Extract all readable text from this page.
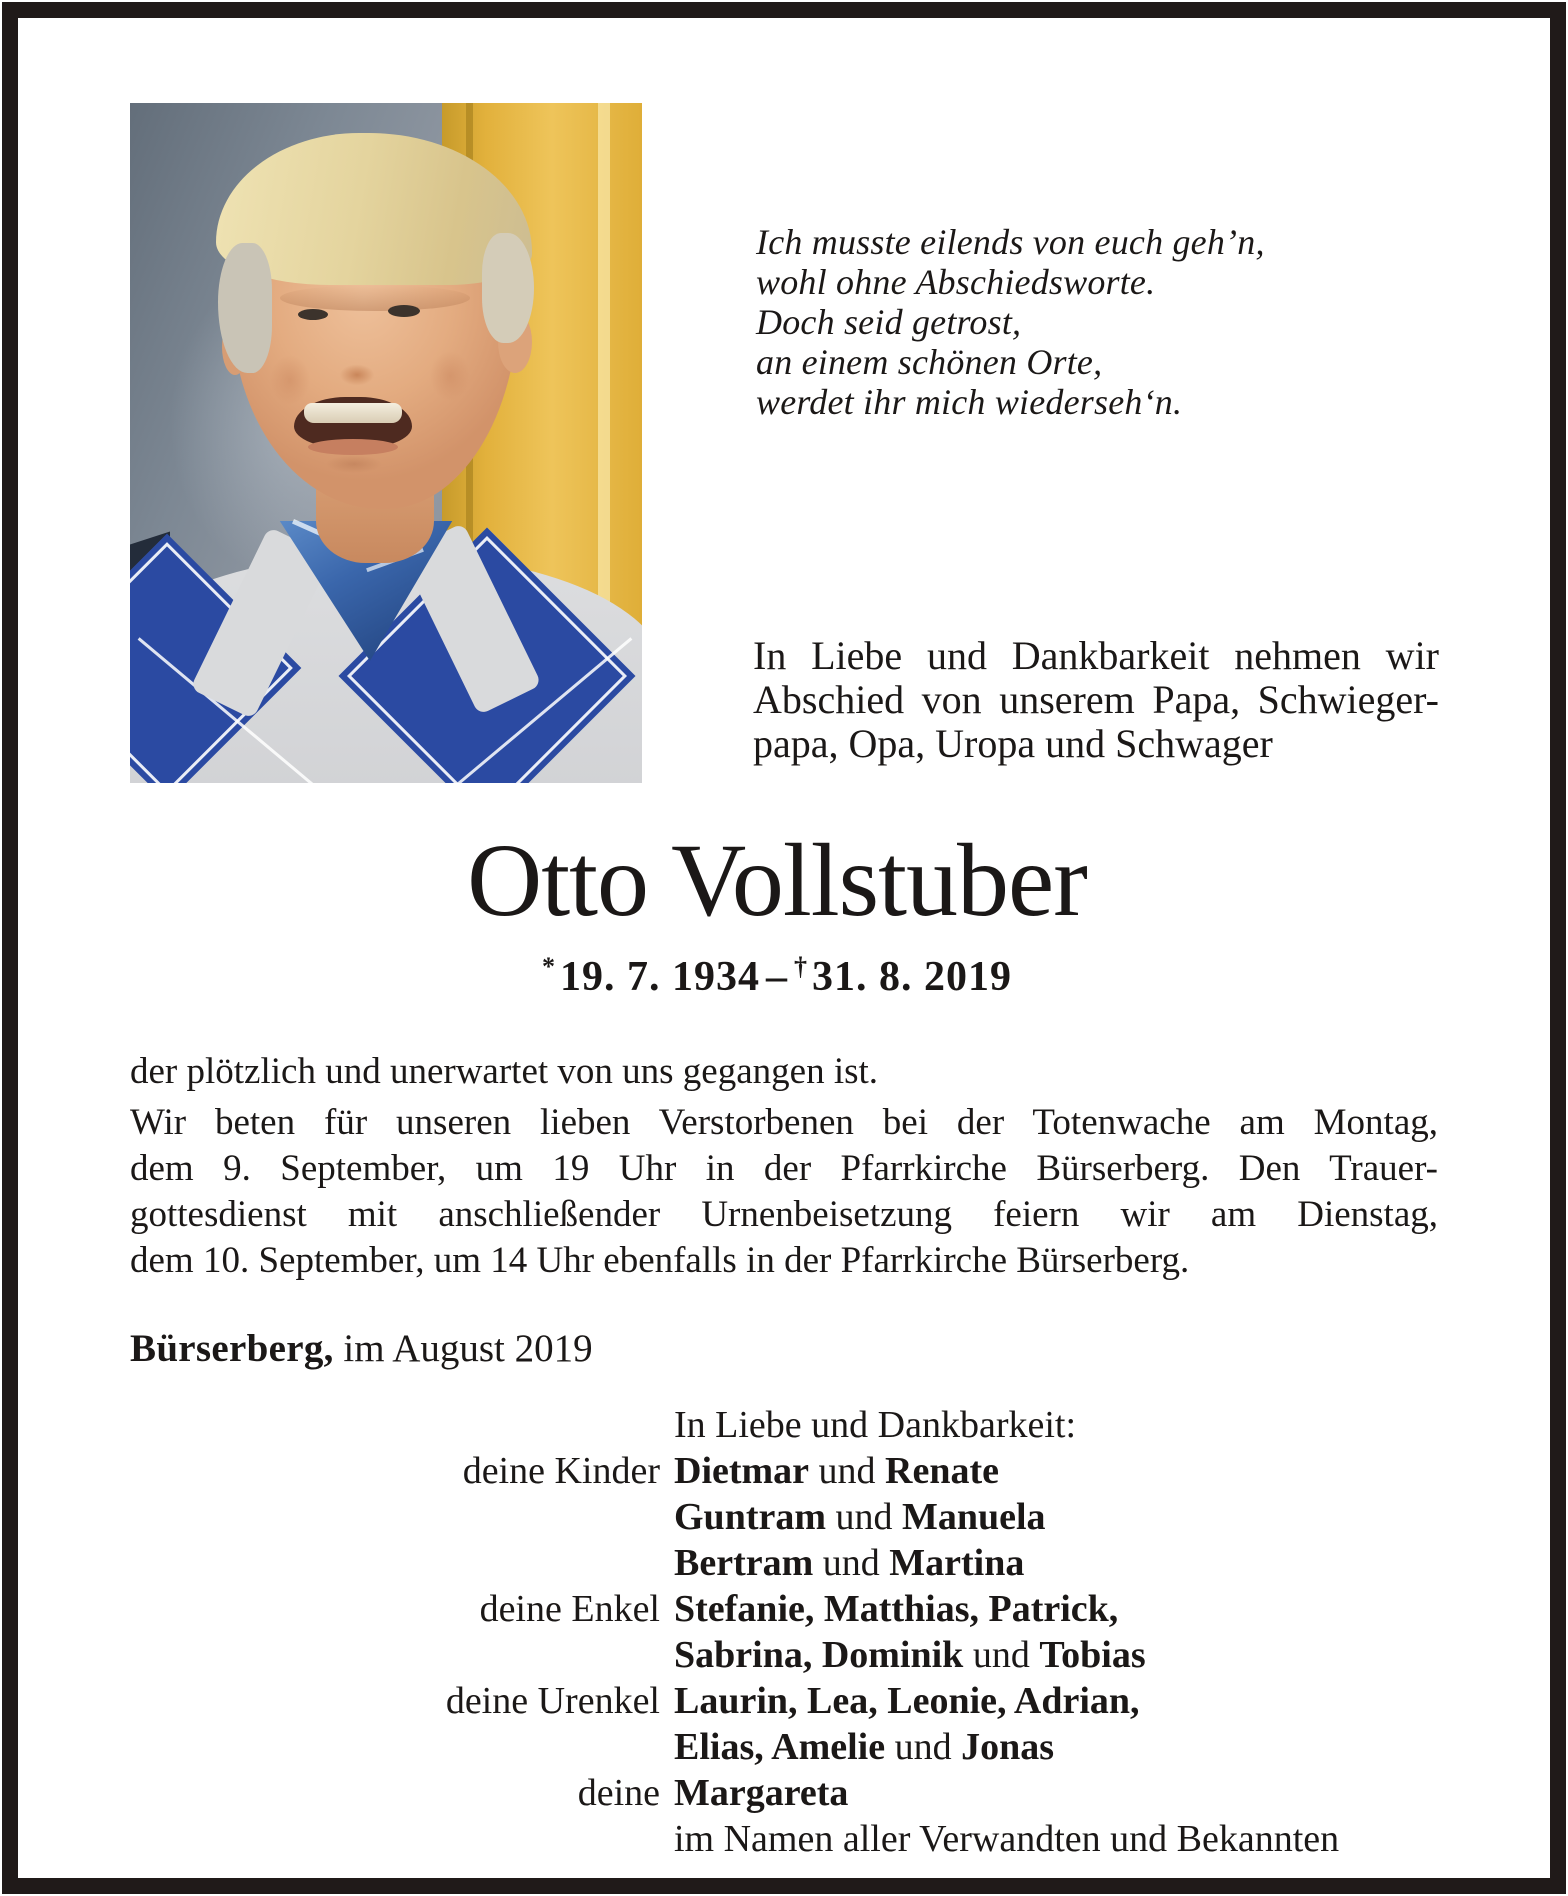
Ich musste eilends von euch geh’n,
wohl ohne Abschiedsworte.
Doch seid getrost,
an einem schönen Orte,
werdet ihr mich wiederseh‘n.
In Liebe und Dankbarkeit nehmen wir
Abschied von unserem Papa, Schwieger-
papa, Opa, Uropa und Schwager
Otto Vollstuber
*19. 7. 1934 – †31. 8. 2019
der plötzlich und unerwartet von uns gegangen ist.
Wir beten für unseren lieben Verstorbenen bei der Totenwache am Montag,
dem 9. September, um 19 Uhr in der Pfarrkirche Bürserberg. Den Trauer-
gottesdienst mit anschließender Urnenbeisetzung feiern wir am Dienstag,
dem 10. September, um 14 Uhr ebenfalls in der Pfarrkirche Bürserberg.
Bürserberg, im August 2019
In Liebe und Dankbarkeit:
deine Kinder Dietmar und Renate
Guntram und Manuela
Bertram und Martina
deine Enkel Stefanie, Matthias, Patrick,
Sabrina, Dominik und Tobias
deine Urenkel Laurin, Lea, Leonie, Adrian,
Elias, Amelie und Jonas
deine Margareta
im Namen aller Verwandten und Bekannten
